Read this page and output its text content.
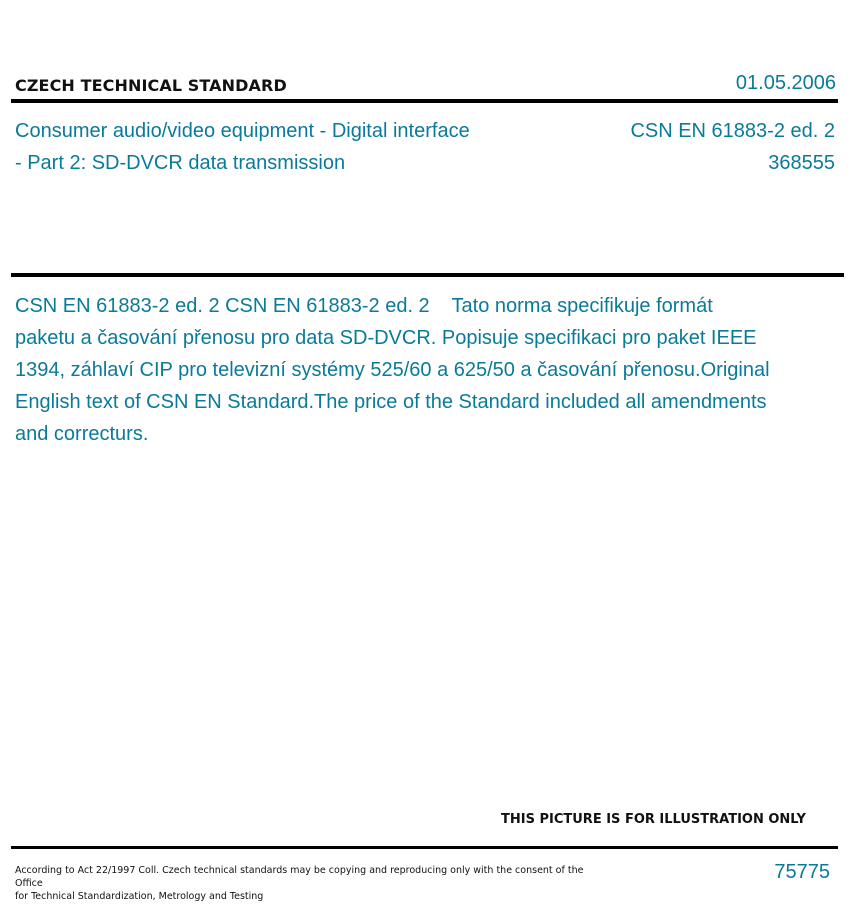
CZECH TECHNICAL STANDARD	01.05.2006
Consumer audio/video equipment - Digital interface
- Part 2: SD-DVCR data transmission
CSN EN 61883-2 ed. 2
368555
CSN EN 61883-2 ed. 2 CSN EN 61883-2 ed. 2    Tato norma specifikuje formát paketu a časování přenosu pro data SD-DVCR. Popisuje specifikaci pro paket IEEE 1394, záhlaví CIP pro televizní systémy 525/60 a 625/50 a časování přenosu.Original English text of CSN EN Standard.The price of the Standard included all amendments and correcturs.
THIS PICTURE IS FOR ILLUSTRATION ONLY
According to Act 22/1997 Coll. Czech technical standards may be copying and reproducing only with the consent of the Office
for Technical Standardization, Metrology and Testing
75775
